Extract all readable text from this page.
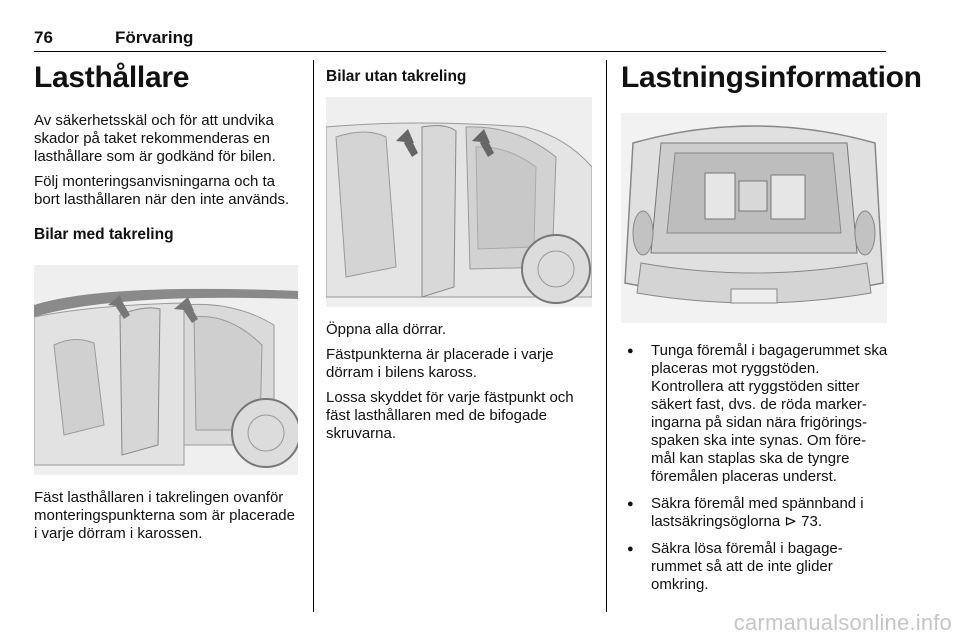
76	Förvaring
Lasthållare

Av säkerhetsskäl och för att undvika skador på taket rekommenderas en lasthållare som är godkänd för bilen.

Följ monteringsanvisningarna och ta bort lasthållaren när den inte används.

Bilar med takreling

Fäst lasthållaren i takrelingen ovanför monteringspunkterna som är placerade i varje dörram i karossen.

Bilar utan takreling

Öppna alla dörrar.

Fästpunkterna är placerade i varje dörram i bilens kaross.

Lossa skyddet för varje fästpunkt och fäst lasthållaren med de bifogade skruvarna.

Lastningsinformation
● Tunga föremål i bagagerummet ska placeras mot ryggstöden. Kontrollera att ryggstöden sitter säkert fast, dvs. de röda marker-ingarna på sidan nära frigörings-spaken ska inte synas. Om före-mål kan staplas ska de tyngre föremålen placeras underst.
● Säkra föremål med spännband i lastsäkringsöglorna ⊳ 73.
● Säkra lösa föremål i bagage-rummet så att de inte glider omkring.
carmanualsonline.info
